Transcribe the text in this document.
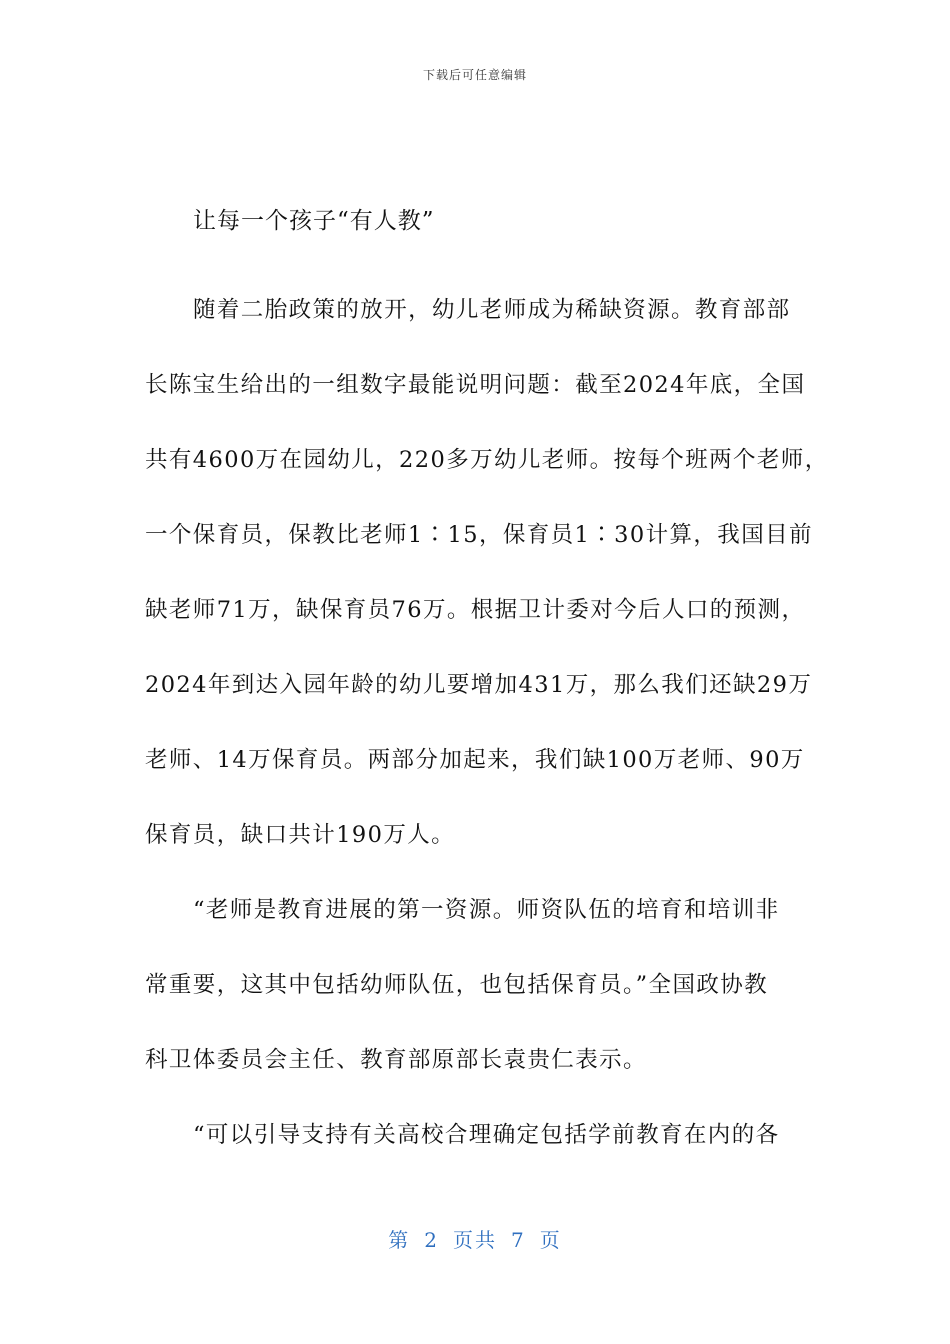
下载后可任意编辑
让每一个孩子“有人教”
随着二胎政策的放开，幼儿老师成为稀缺资源。教育部部
长陈宝生给出的一组数字最能说明问题：截至2024年底，全国
共有4600万在园幼儿，220多万幼儿老师。按每个班两个老师，
一个保育员，保教比老师1∶15，保育员1∶30计算，我国目前
缺老师71万，缺保育员76万。根据卫计委对今后人口的预测，
2024年到达入园年龄的幼儿要增加431万，那么我们还缺29万
老师、14万保育员。两部分加起来，我们缺100万老师、90万
保育员，缺口共计190万人。
“老师是教育进展的第一资源。师资队伍的培育和培训非
常重要，这其中包括幼师队伍，也包括保育员。”全国政协教
科卫体委员会主任、教育部原部长袁贵仁表示。
“可以引导支持有关高校合理确定包括学前教育在内的各
第 2 页共 7 页
